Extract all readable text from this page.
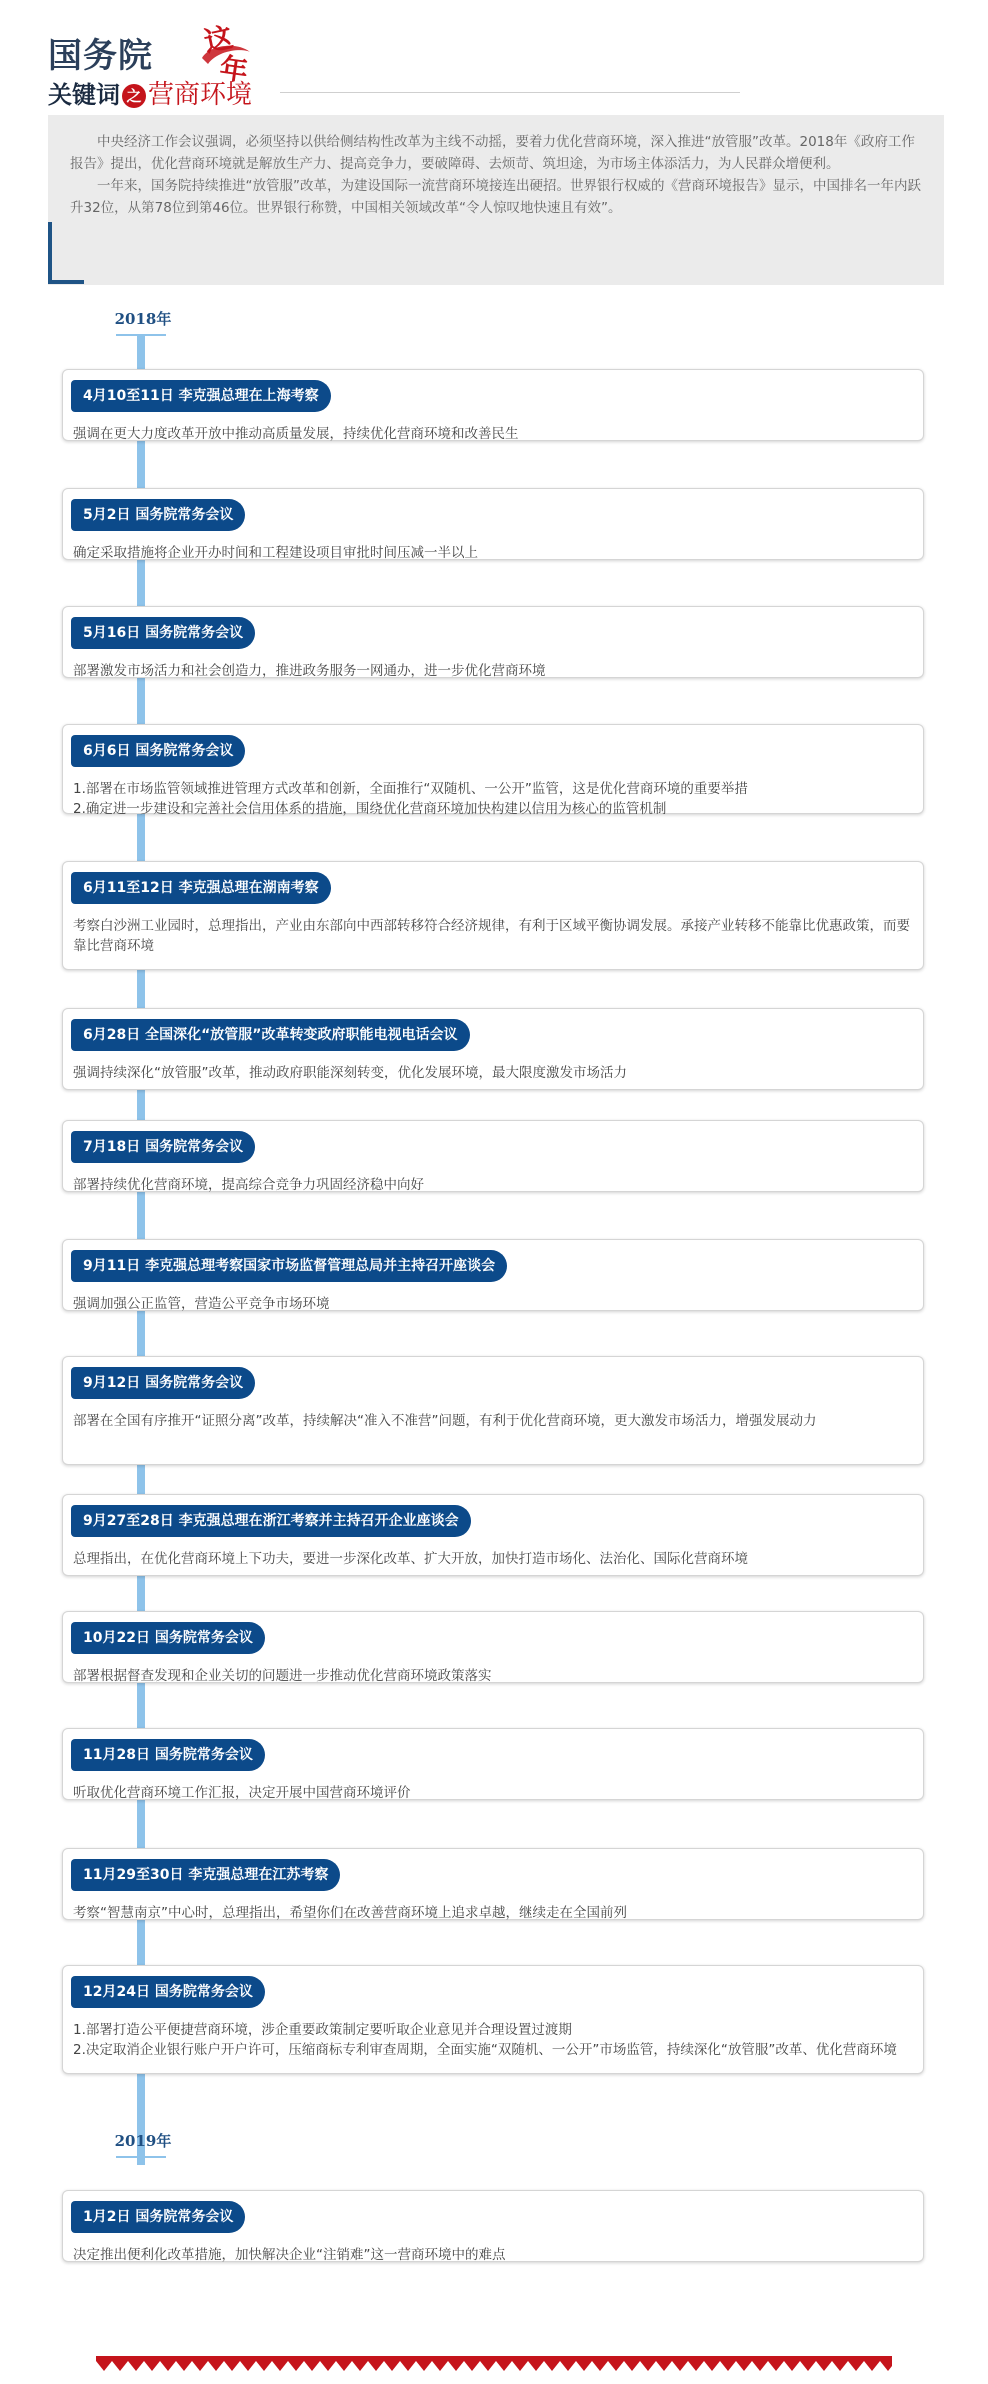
国务院 这
年
关键词 之 营商环境

中央经济工作会议强调，必须坚持以供给侧结构性改革为主线不动摇，要着力优化营商环境，深入推进“放管服”改革。2018年《政府工作报告》提出，优化营商环境就是解放生产力、提高竞争力，要破障碍、去烦苛、筑坦途，为市场主体添活力，为人民群众增便利。

一年来，国务院持续推进“放管服”改革，为建设国际一流营商环境接连出硬招。世界银行权威的《营商环境报告》显示，中国排名一年内跃升32位，从第78位到第46位。世界银行称赞，中国相关领域改革“令人惊叹地快速且有效”。

2018年
2019年
4月10至11日 李克强总理在上海考察
强调在更大力度改革开放中推动高质量发展，持续优化营商环境和改善民生
5月2日 国务院常务会议
确定采取措施将企业开办时间和工程建设项目审批时间压减一半以上
5月16日 国务院常务会议
部署激发市场活力和社会创造力，推进政务服务一网通办，进一步优化营商环境
6月6日 国务院常务会议
1.部署在市场监管领域推进管理方式改革和创新，全面推行“双随机、一公开”监管，这是优化营商环境的重要举措
2.确定进一步建设和完善社会信用体系的措施，围绕优化营商环境加快构建以信用为核心的监管机制
6月11至12日 李克强总理在湖南考察
考察白沙洲工业园时，总理指出，产业由东部向中西部转移符合经济规律，有利于区域平衡协调发展。承接产业转移不能靠比优惠政策，而要靠比营商环境
6月28日 全国深化“放管服”改革转变政府职能电视电话会议
强调持续深化“放管服”改革，推动政府职能深刻转变，优化发展环境，最大限度激发市场活力
7月18日 国务院常务会议
部署持续优化营商环境，提高综合竞争力巩固经济稳中向好
9月11日 李克强总理考察国家市场监督管理总局并主持召开座谈会
强调加强公正监管，营造公平竞争市场环境
9月12日 国务院常务会议
部署在全国有序推开“证照分离”改革，持续解决“准入不准营”问题，有利于优化营商环境，更大激发市场活力，增强发展动力
9月27至28日 李克强总理在浙江考察并主持召开企业座谈会
总理指出，在优化营商环境上下功夫，要进一步深化改革、扩大开放，加快打造市场化、法治化、国际化营商环境
10月22日 国务院常务会议
部署根据督查发现和企业关切的问题进一步推动优化营商环境政策落实
11月28日 国务院常务会议
听取优化营商环境工作汇报，决定开展中国营商环境评价
11月29至30日 李克强总理在江苏考察
考察“智慧南京”中心时，总理指出，希望你们在改善营商环境上追求卓越，继续走在全国前列
12月24日 国务院常务会议
1.部署打造公平便捷营商环境，涉企重要政策制定要听取企业意见并合理设置过渡期
2.决定取消企业银行账户开户许可，压缩商标专利审查周期，全面实施“双随机、一公开”市场监管，持续深化“放管服”改革、优化营商环境
1月2日 国务院常务会议
决定推出便利化改革措施，加快解决企业“注销难”这一营商环境中的难点
